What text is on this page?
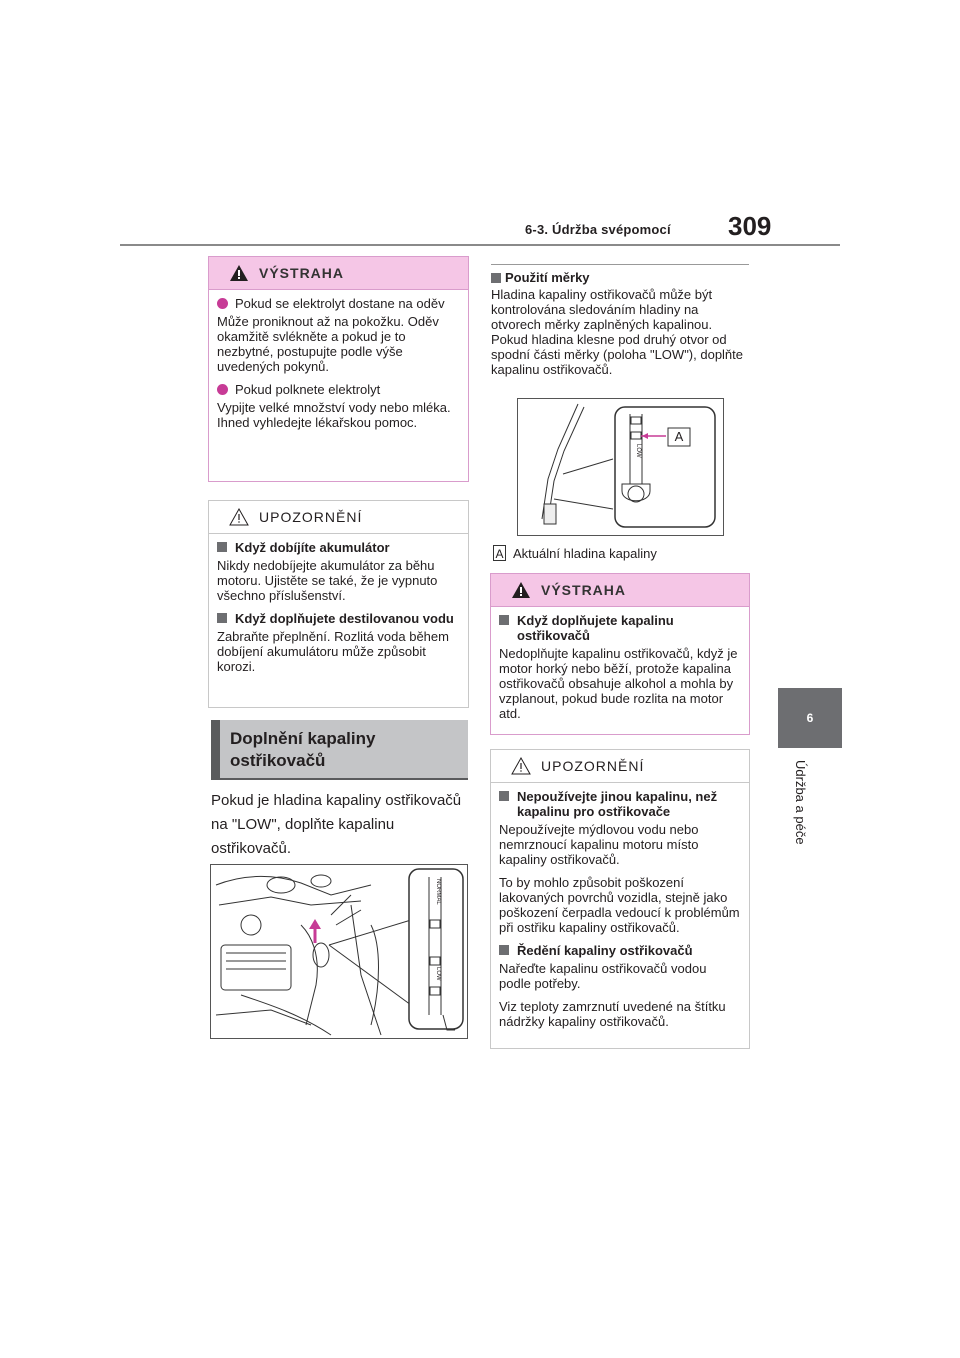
6-3. Údržba svépomocí 309
6
Údržba a péče
VÝSTRAHA
Pokud se elektrolyt dostane na oděv

Může proniknout až na pokožku. Oděv okamžitě svlékněte a pokud je to nezbytné, postupujte podle výše uvedených pokynů.

Pokud polknete elektrolyt

Vypijte velké množství vody nebo mléka. Ihned vyhledejte lékařskou pomoc.

UPOZORNĚNÍ
Když dobíjíte akumulátor

Nikdy nedobíjejte akumulátor za běhu motoru. Ujistěte se také, že je vypnuto všechno příslušenství.

Když doplňujete destilovanou vodu

Zabraňte přeplnění. Rozlitá voda během dobíjení akumulátoru může způsobit korozi.

Doplnění kapaliny ostřikovačů
Pokud je hladina kapaliny ostřikovačů na "LOW", doplňte kapalinu ostřikovačů.
NORMAL
LOW
Použití měrky
Hladina kapaliny ostřikovačů může být kontrolována sledováním hladiny na otvorech měrky zaplněných kapalinou. Pokud hladina klesne pod druhý otvor od spodní části měrky (poloha "LOW"), doplňte kapalinu ostřikovačů.
LOW
A
A Aktuální hladina kapaliny
VÝSTRAHA
Když doplňujete kapalinu ostřikovačů

Nedoplňujte kapalinu ostřikovačů, když je motor horký nebo běží, protože kapalina ostřikovačů obsahuje alkohol a mohla by vzplanout, pokud bude rozlita na motor atd.

UPOZORNĚNÍ
Nepoužívejte jinou kapalinu, než kapalinu pro ostřikovače

Nepoužívejte mýdlovou vodu nebo nemrznoucí kapalinu motoru místo kapaliny ostřikovačů.

To by mohlo způsobit poškození lakovaných povrchů vozidla, stejně jako poškození čerpadla vedoucí k problémům při ostřiku kapaliny ostřikovačů.

Ředění kapaliny ostřikovačů

Nařeďte kapalinu ostřikovačů vodou podle potřeby.

Viz teploty zamrznutí uvedené na štítku nádržky kapaliny ostřikovačů.
